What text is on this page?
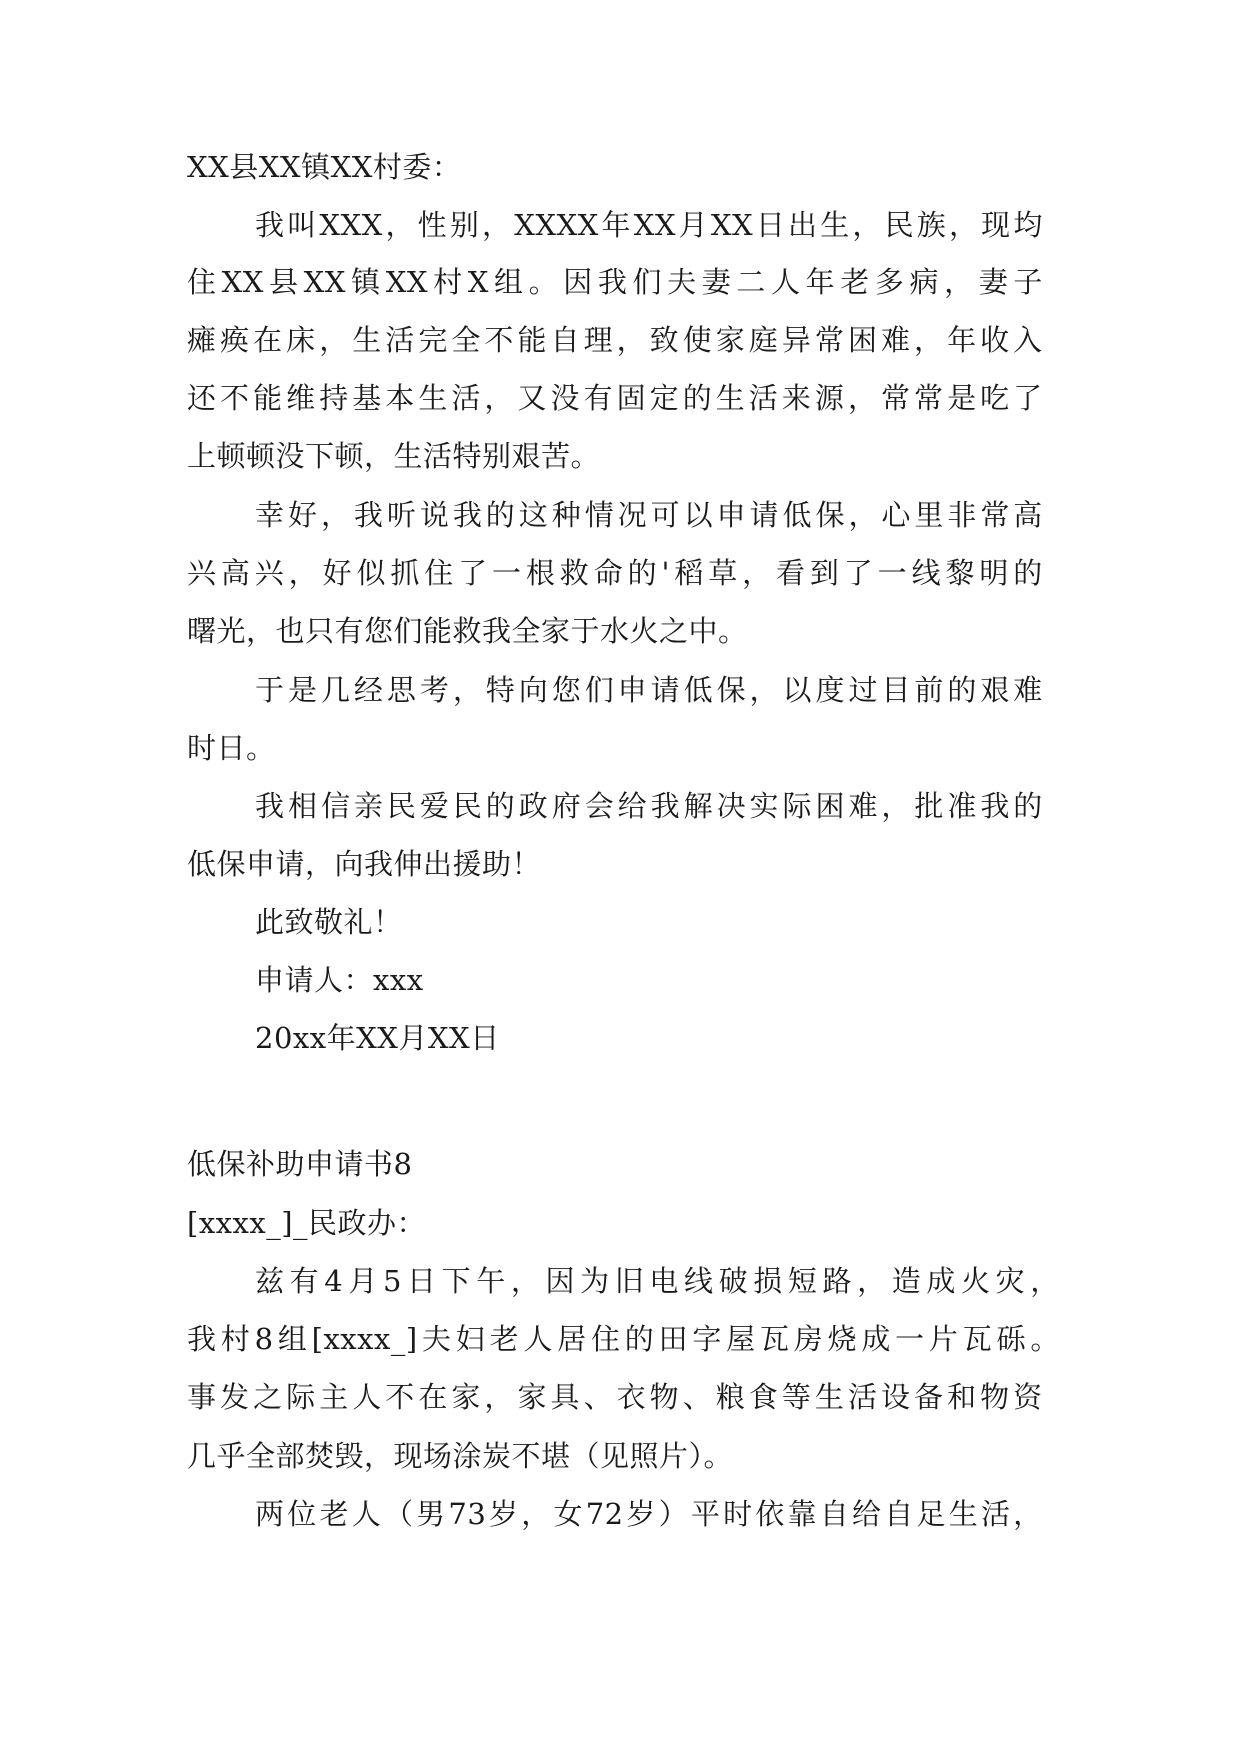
XX县XX镇XX村委：
我 叫 XXX ， 性 别 ， XXXX 年 XX 月 XX 日 出 生 ， 民 族 ， 现 均
住 XX 县 XX 镇 XX 村 X 组 。 因 我 们 夫 妻 二 人 年 老 多 病 ， 妻 子
瘫 痪 在 床 ， 生 活 完 全 不 能 自 理 ， 致 使 家 庭 异 常 困 难 ， 年 收 入
还 不 能 维 持 基 本 生 活 ， 又 没 有 固 定 的 生 活 来 源 ， 常 常 是 吃 了
上顿顿没下顿，生活特别艰苦。
幸 好 ， 我 听 说 我 的 这 种 情 况 可 以 申 请 低 保 ， 心 里 非 常 高
兴 高 兴 ， 好 似 抓 住 了 一 根 救 命 的 ' 稻 草 ， 看 到 了 一 线 黎 明 的
曙光，也只有您们能救我全家于水火之中。
于 是 几 经 思 考 ， 特 向 您 们 申 请 低 保 ， 以 度 过 目 前 的 艰 难
时日。
我 相 信 亲 民 爱 民 的 政 府 会 给 我 解 决 实 际 困 难 ， 批 准 我 的
低保申请，向我伸出援助！
此致敬礼！
申请人：xxx
20xx年XX月XX日
低保补助申请书8
[xxxx_]_民政办：
兹 有 4 月 5 日 下 午 ， 因 为 旧 电 线 破 损 短 路 ， 造 成 火 灾 ，
我 村 8 组 [xxxx_] 夫 妇 老 人 居 住 的 田 字 屋 瓦 房 烧 成 一 片 瓦 砾 。
事 发 之 际 主 人 不 在 家 ， 家 具 、 衣 物 、 粮 食 等 生 活 设 备 和 物 资
几乎全部焚毁，现场涂炭不堪（见照片）。
两 位 老 人 （ 男 73 岁 ， 女 72 岁 ） 平 时 依 靠 自 给 自 足 生 活 ，
